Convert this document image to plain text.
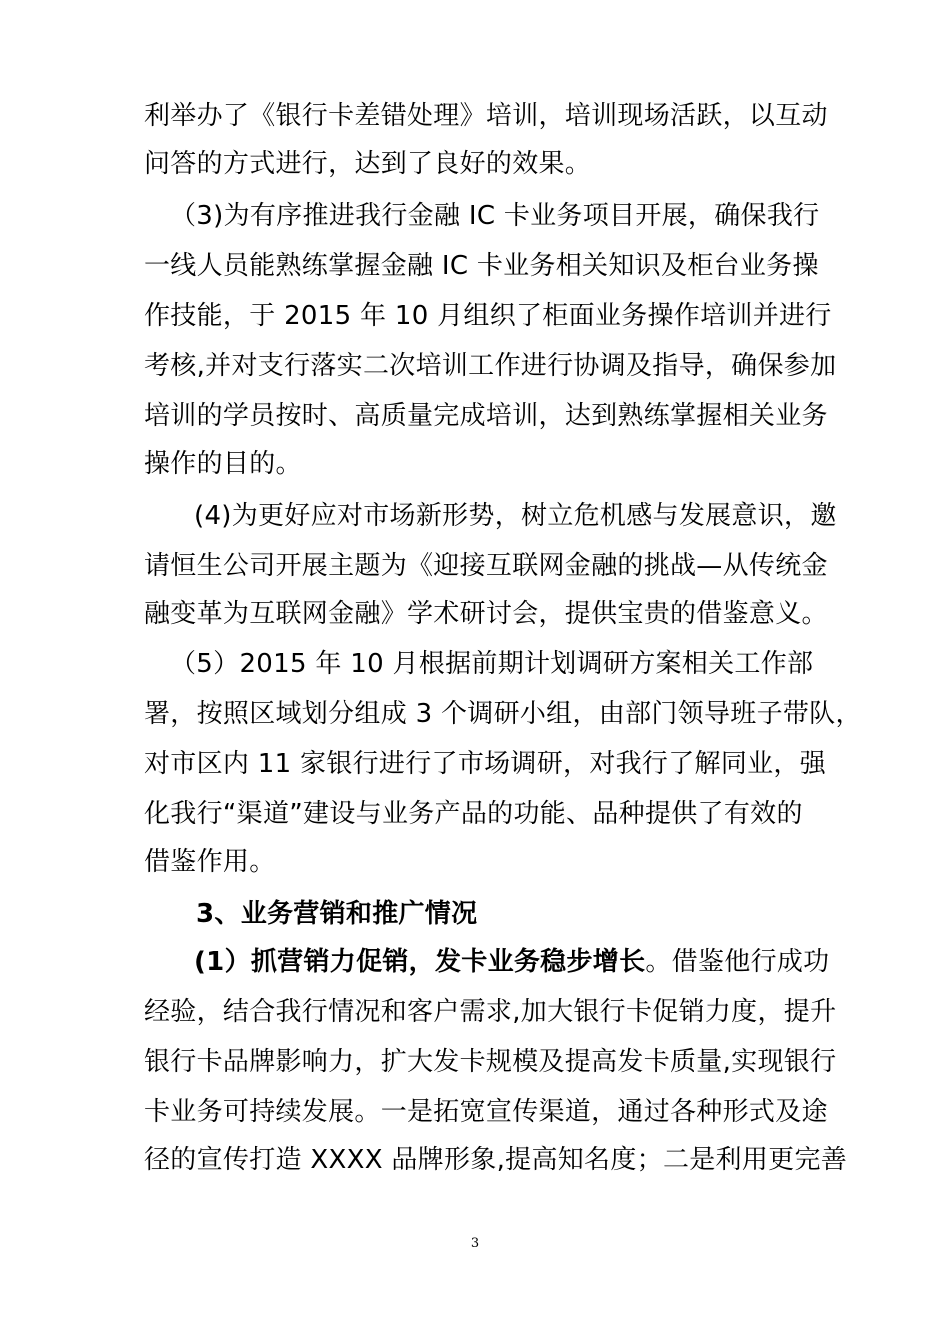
利举办了《银行卡差错处理》培训，培训现场活跃，以互动
问答的方式进行，达到了良好的效果。
（3)为有序推进我行金融 IC 卡业务项目开展，确保我行
一线人员能熟练掌握金融 IC 卡业务相关知识及柜台业务操
作技能，于 2015 年 10 月组织了柜面业务操作培训并进行
考核,并对支行落实二次培训工作进行协调及指导，确保参加
培训的学员按时、高质量完成培训，达到熟练掌握相关业务
操作的目的。
(4)为更好应对市场新形势，树立危机感与发展意识，邀
请恒生公司开展主题为《迎接互联网金融的挑战—从传统金
融变革为互联网金融》学术研讨会，提供宝贵的借鉴意义。
（5）2015 年 10 月根据前期计划调研方案相关工作部
署，按照区域划分组成 3 个调研小组，由部门领导班子带队，
对市区内 11 家银行进行了市场调研，对我行了解同业，强
化我行“渠道”建设与业务产品的功能、品种提供了有效的
借鉴作用。
3、业务营销和推广情况
(1）抓营销力促销，发卡业务稳步增长。借鉴他行成功
经验，结合我行情况和客户需求,加大银行卡促销力度，提升
银行卡品牌影响力，扩大发卡规模及提高发卡质量,实现银行
卡业务可持续发展。一是拓宽宣传渠道，通过各种形式及途
径的宣传打造 XXXX 品牌形象,提高知名度；二是利用更完善
3
